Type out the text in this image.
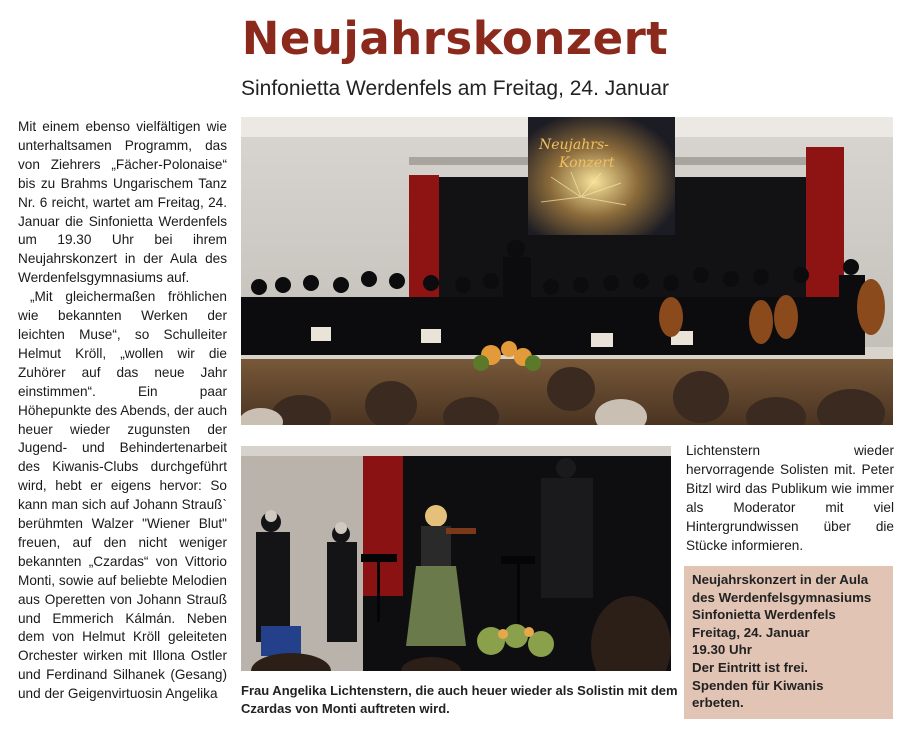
Neujahrskonzert
Sinfonietta Werdenfels am Freitag, 24. Januar

Mit einem ebenso vielfältigen wie unterhaltsamen Programm, das von Ziehrers „Fächer-Polonaise“ bis zu Brahms Ungarischem Tanz Nr. 6 reicht, wartet am Freitag, 24. Januar die Sinfonietta Werdenfels um 19.30 Uhr bei ihrem Neujahrskonzert in der Aula des Werdenfelsgymnasiums auf.

„Mit gleichermaßen fröhlichen wie bekannten Werken der leichten Muse“, so Schulleiter Helmut Kröll, „wollen wir die Zuhörer auf das neue Jahr einstimmen“. Ein paar Höhepunkte des Abends, der auch heuer wieder zugunsten der Jugend- und Behindertenarbeit des Kiwanis-Clubs durchgeführt wird, hebt er eigens hervor: So kann man sich auf Johann Strauß` berühmten Walzer "Wiener Blut" freuen, auf den nicht weniger bekannten „Czardas“ von Vittorio Monti, sowie auf beliebte Melodien aus Operetten von Johann Strauß und Emmerich Kálmán. Neben dem von Helmut Kröll geleiteten Orchester wirken mit Illona Ostler und Ferdinand Silhanek (Gesang) und der Geigenvirtuosin Angelika

Neujahrs-
Konzert
Frau Angelika Lichtenstern, die auch heuer wieder als Solistin mit dem Czardas von Monti auftreten wird.

Lichtenstern wieder hervorragende Solisten mit. Peter Bitzl wird das Publikum wie immer als Moderator mit viel Hintergrundwissen über die Stücke informieren.

Neujahrskonzert in der Aula
des Werdenfelsgymnasiums
Sinfonietta Werdenfels
Freitag, 24. Januar
19.30 Uhr
Der Eintritt ist frei.
Spenden für Kiwanis
erbeten.
